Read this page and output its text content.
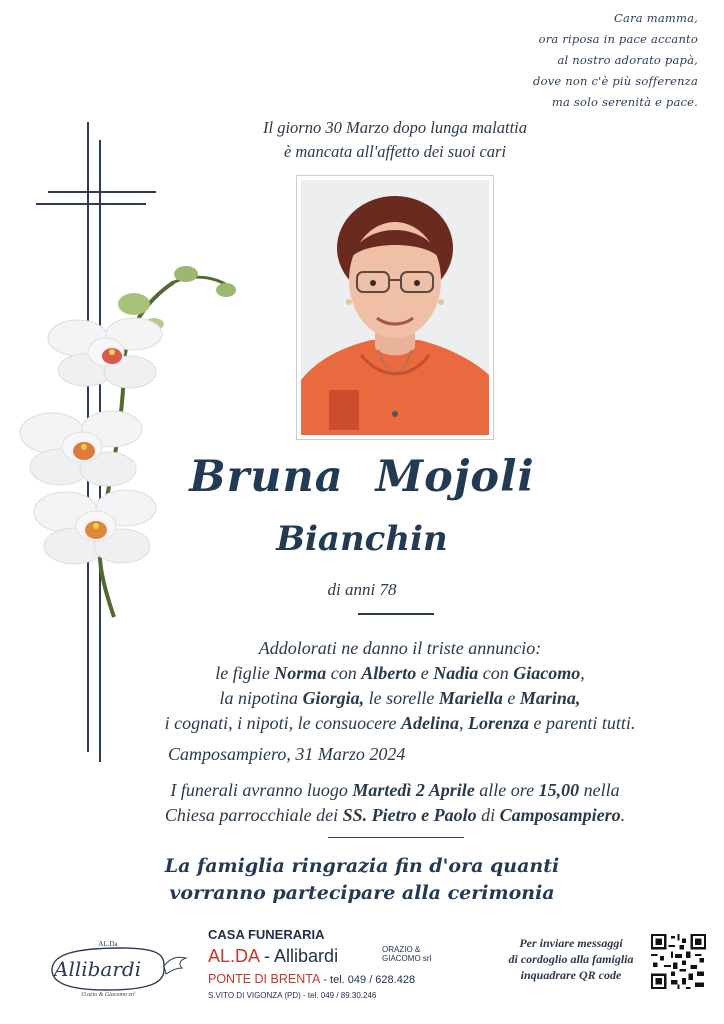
Cara mamma,
ora riposa in pace accanto
al nostro adorato papà,
dove non c'è più sofferenza
ma solo serenità e pace.
Il giorno 30 Marzo dopo lunga malattia
è mancata all'affetto dei suoi cari
Bruna  Mojoli
Bianchin
di anni 78
Addolorati ne danno il triste annuncio:
le figlie Norma con Alberto e Nadia con Giacomo,
la nipotina Giorgia, le sorelle Mariella e Marina,
i cognati, i nipoti, le consuocere Adelina, Lorenza e parenti tutti.
Camposampiero, 31 Marzo 2024
I funerali avranno luogo Martedì 2 Aprile alle ore 15,00 nella
Chiesa parrocchiale dei SS. Pietro e Paolo di Camposampiero.
La famiglia ringrazia fin d'ora quanti
vorranno partecipare alla cerimonia
AL.Da
Allibardi
O.azio & Giacomo srl
CASA FUNERARIA
AL.DA - Allibardi	ORAZIO &
GIACOMO srl
PONTE DI BRENTA - tel. 049 / 628.428
S.VITO DI VIGONZA (PD) - tel. 049 / 89.30.246
Per inviare messaggi
di cordoglio alla famiglia
inquadrare QR code
